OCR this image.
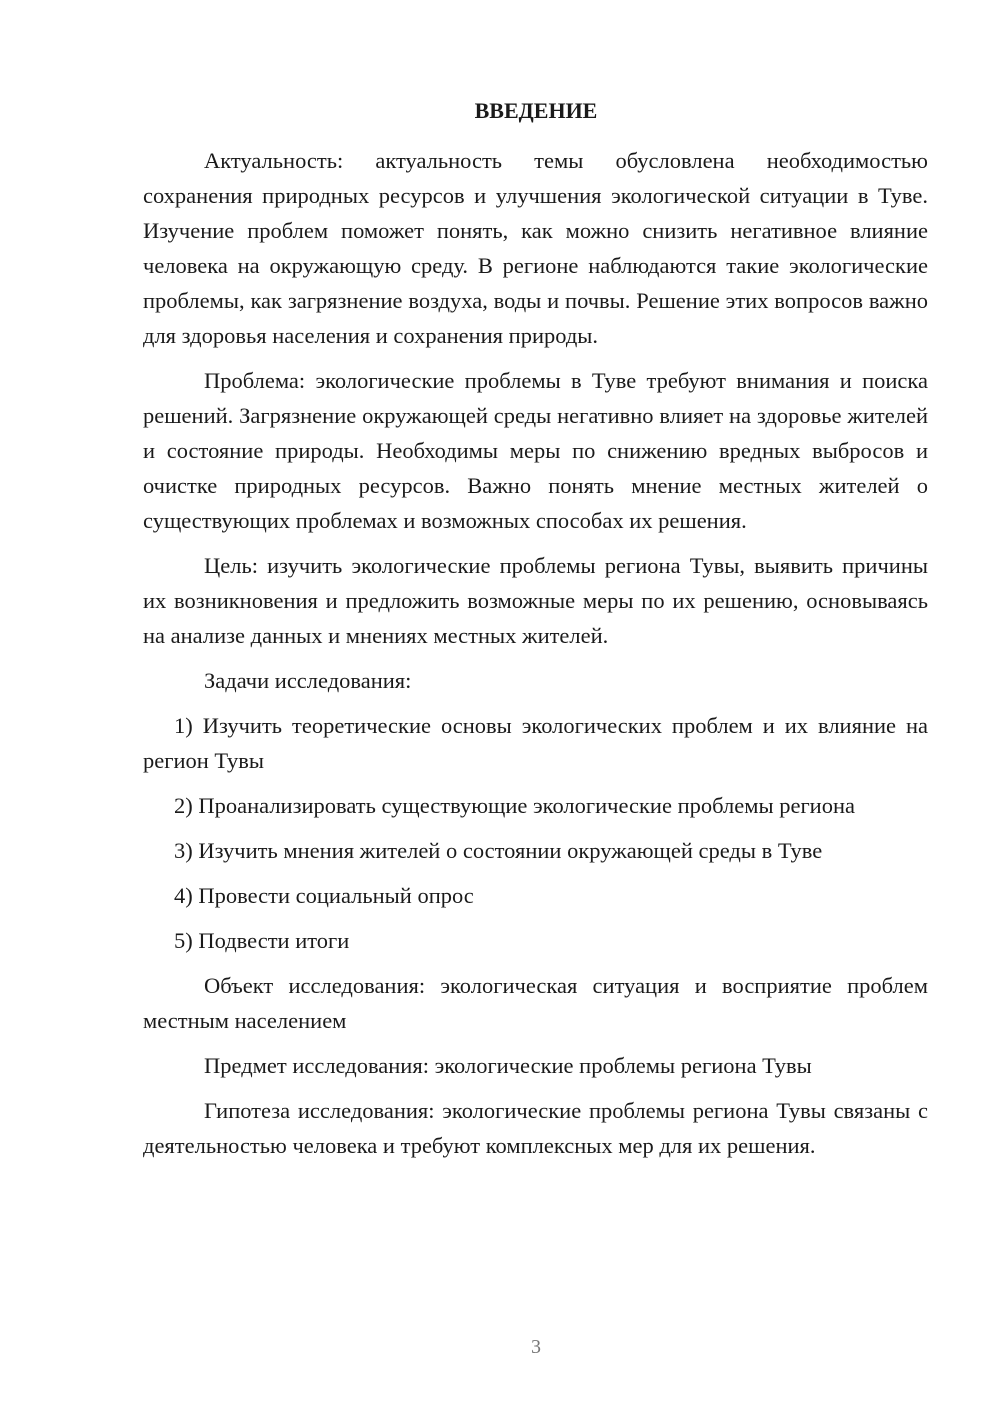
ВВЕДЕНИЕ

Актуальность: актуальность темы обусловлена необходимостью сохранения природных ресурсов и улучшения экологической ситуации в Туве. Изучение проблем поможет понять, как можно снизить негативное влияние человека на окружающую среду. В регионе наблюдаются такие экологические проблемы, как загрязнение воздуха, воды и почвы. Решение этих вопросов важно для здоровья населения и сохранения природы.

Проблема: экологические проблемы в Туве требуют внимания и поиска решений. Загрязнение окружающей среды негативно влияет на здоровье жителей и состояние природы. Необходимы меры по снижению вредных выбросов и очистке природных ресурсов. Важно понять мнение местных жителей о существующих проблемах и возможных способах их решения.

Цель: изучить экологические проблемы региона Тувы, выявить причины их возникновения и предложить возможные меры по их решению, основываясь на анализе данных и мнениях местных жителей.

Задачи исследования:

1) Изучить теоретические основы экологических проблем и их влияние на регион Тувы

2) Проанализировать существующие экологические проблемы региона

3) Изучить мнения жителей о состоянии окружающей среды в Туве

4) Провести социальный опрос

5) Подвести итоги

Объект исследования: экологическая ситуация и восприятие проблем местным населением

Предмет исследования: экологические проблемы региона Тувы

Гипотеза исследования: экологические проблемы региона Тувы связаны с деятельностью человека и требуют комплексных мер для их решения.

3
